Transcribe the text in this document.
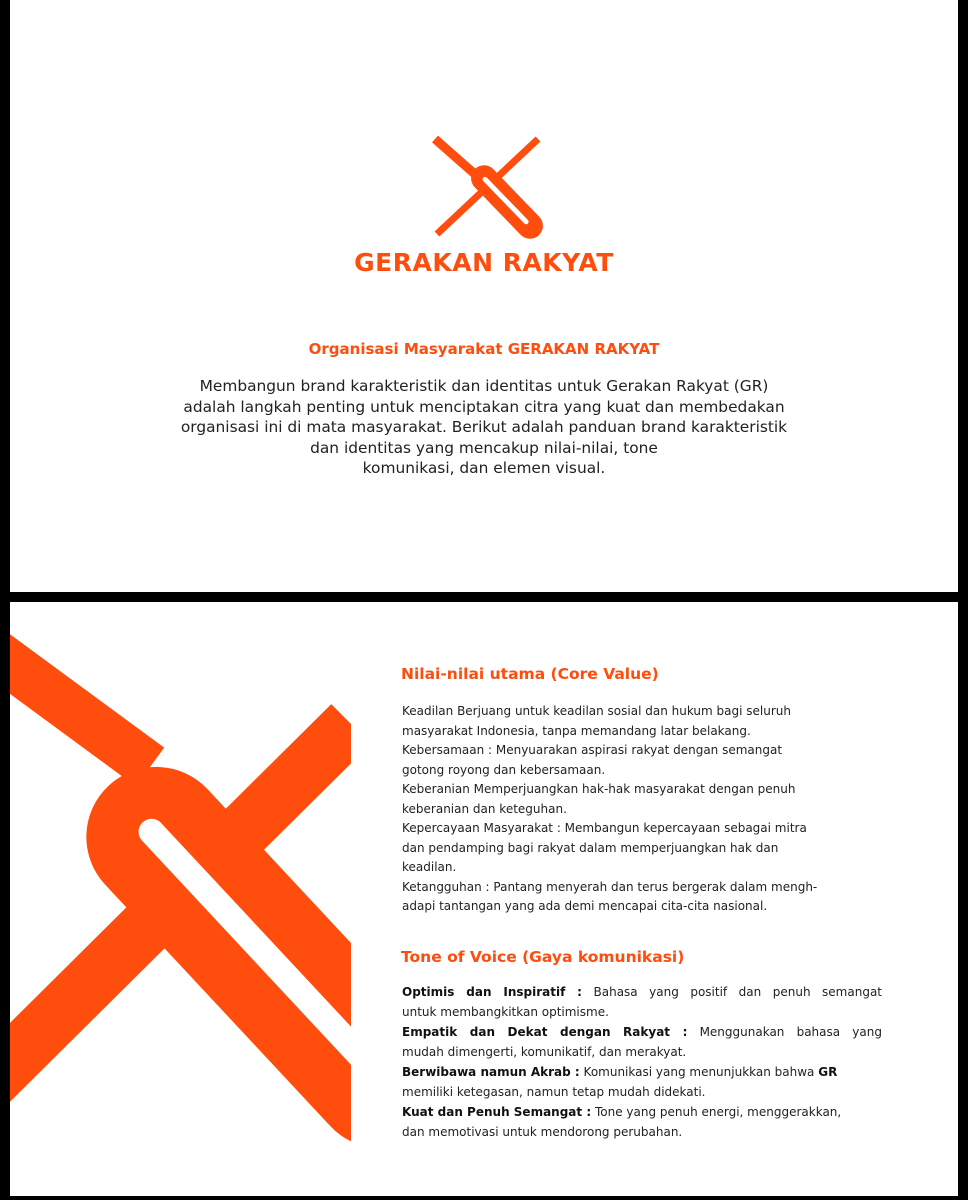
GERAKAN RAKYAT
Organisasi Masyarakat GERAKAN RAKYAT

Membangun brand karakteristik dan identitas untuk Gerakan Rakyat (GR)
adalah langkah penting untuk menciptakan citra yang kuat dan membedakan
organisasi ini di mata masyarakat. Berikut adalah panduan brand karakteristik
dan identitas yang mencakup nilai-nilai, tone
komunikasi, dan elemen visual.

Nilai-nilai utama (Core Value)
Keadilan Berjuang untuk keadilan sosial dan hukum bagi seluruh
masyarakat Indonesia, tanpa memandang latar belakang.
Kebersamaan : Menyuarakan aspirasi rakyat dengan semangat
gotong royong dan kebersamaan.
Keberanian Memperjuangkan hak-hak masyarakat dengan penuh
keberanian dan keteguhan.
Kepercayaan Masyarakat : Membangun kepercayaan sebagai mitra
dan pendamping bagi rakyat dalam memperjuangkan hak dan
keadilan.
Ketangguhan : Pantang menyerah dan terus bergerak dalam mengh-
adapi tantangan yang ada demi mencapai cita-cita nasional.
Tone of Voice (Gaya komunikasi)
Optimis dan Inspiratif : Bahasa yang positif dan penuh semangat
untuk membangkitkan optimisme.
Empatik dan Dekat dengan Rakyat : Menggunakan bahasa yang
mudah dimengerti, komunikatif, dan merakyat.
Berwibawa namun Akrab : Komunikasi yang menunjukkan bahwa GR
memiliki ketegasan, namun tetap mudah didekati.
Kuat dan Penuh Semangat : Tone yang penuh energi, menggerakkan,
dan memotivasi untuk mendorong perubahan.
